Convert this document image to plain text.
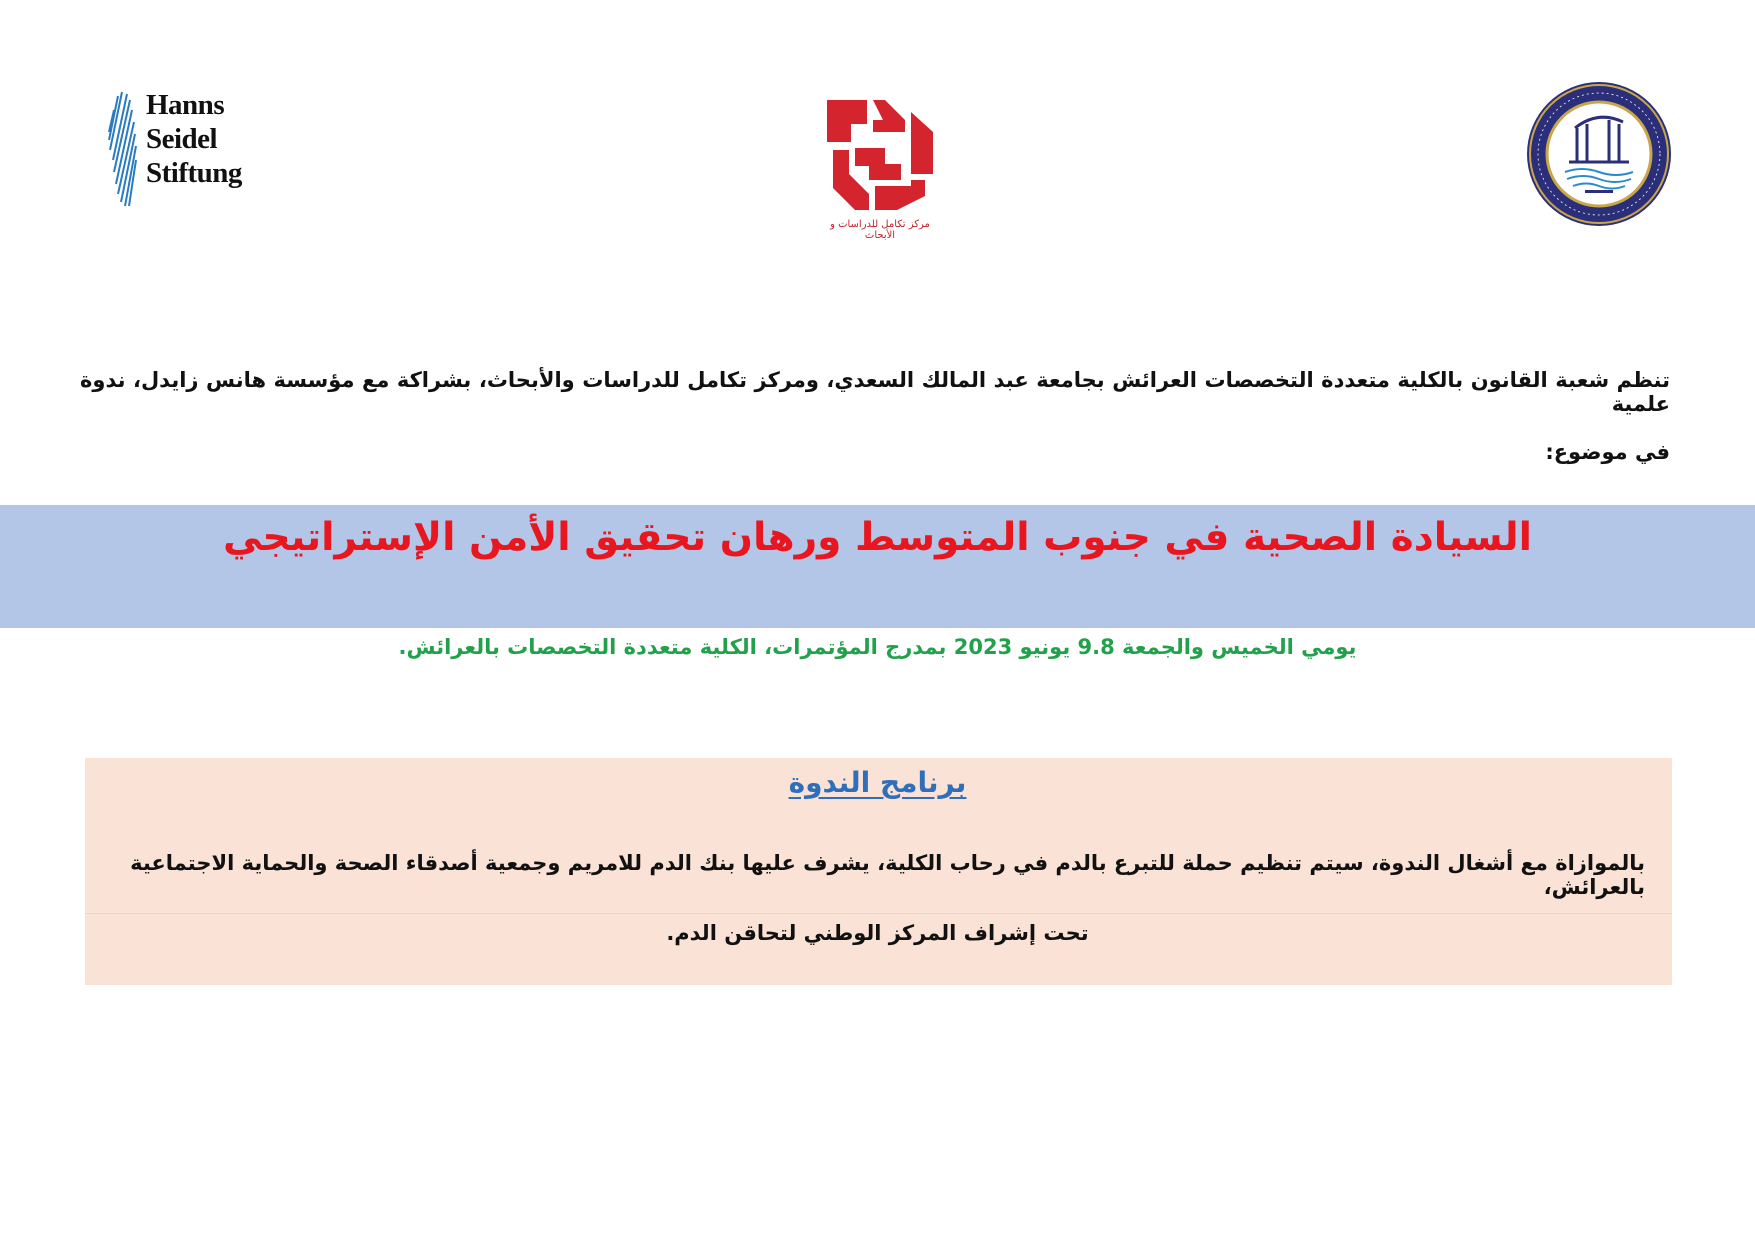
Hanns
Seidel
Stiftung
مركز تكامل للدراسات و الأبحاث
تنظم شعبة القانون بالكلية متعددة التخصصات العرائش بجامعة عبد المالك السعدي، ومركز تكامل للدراسات والأبحاث، بشراكة مع مؤسسة هانس زايدل، ندوة علمية
في موضوع:
السيادة الصحية في جنوب المتوسط ورهان تحقيق الأمن الإستراتيجي
يومي الخميس والجمعة 9.8 يونيو 2023 بمدرج المؤتمرات، الكلية متعددة التخصصات بالعرائش.
برنامج الندوة
بالموازاة مع أشغال الندوة، سيتم تنظيم حملة للتبرع بالدم في رحاب الكلية، يشرف عليها بنك الدم للامريم وجمعية أصدقاء الصحة والحماية الاجتماعية بالعرائش،
تحت إشراف المركز الوطني لتحاقن الدم.
